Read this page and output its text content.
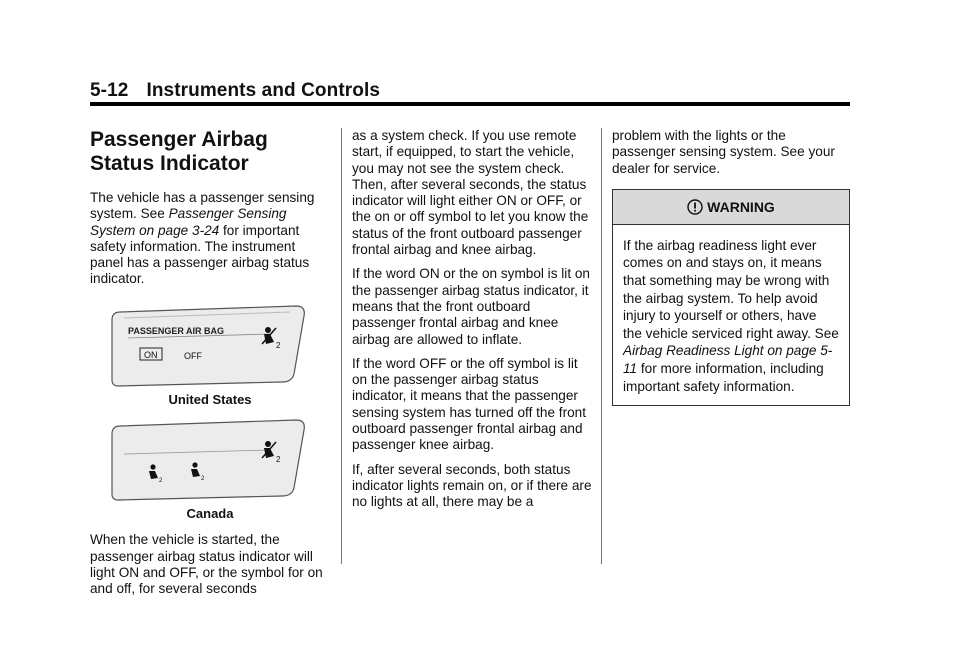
5-12 Instruments and Controls
Passenger Airbag Status Indicator

The vehicle has a passenger sensing system. See Passenger Sensing System on page 3-24 for important safety information. The instrument panel has a passenger airbag status indicator.

PASSENGER AIR BAG
ON	OFF
2
United States
2	2
2
Canada

When the vehicle is started, the passenger airbag status indicator will light ON and OFF, or the symbol for on and off, for several seconds

as a system check. If you use remote start, if equipped, to start the vehicle, you may not see the system check. Then, after several seconds, the status indicator will light either ON or OFF, or the on or off symbol to let you know the status of the front outboard passenger frontal airbag and knee airbag.

If the word ON or the on symbol is lit on the passenger airbag status indicator, it means that the front outboard passenger frontal airbag and knee airbag are allowed to inflate.

If the word OFF or the off symbol is lit on the passenger airbag status indicator, it means that the passenger sensing system has turned off the front outboard passenger frontal airbag and passenger knee airbag.

If, after several seconds, both status indicator lights remain on, or if there are no lights at all, there may be a

problem with the lights or the passenger sensing system. See your dealer for service.

WARNING
If the airbag readiness light ever comes on and stays on, it means that something may be wrong with the airbag system. To help avoid injury to yourself or others, have the vehicle serviced right away. See Airbag Readiness Light on page 5-11 for more information, including important safety information.
